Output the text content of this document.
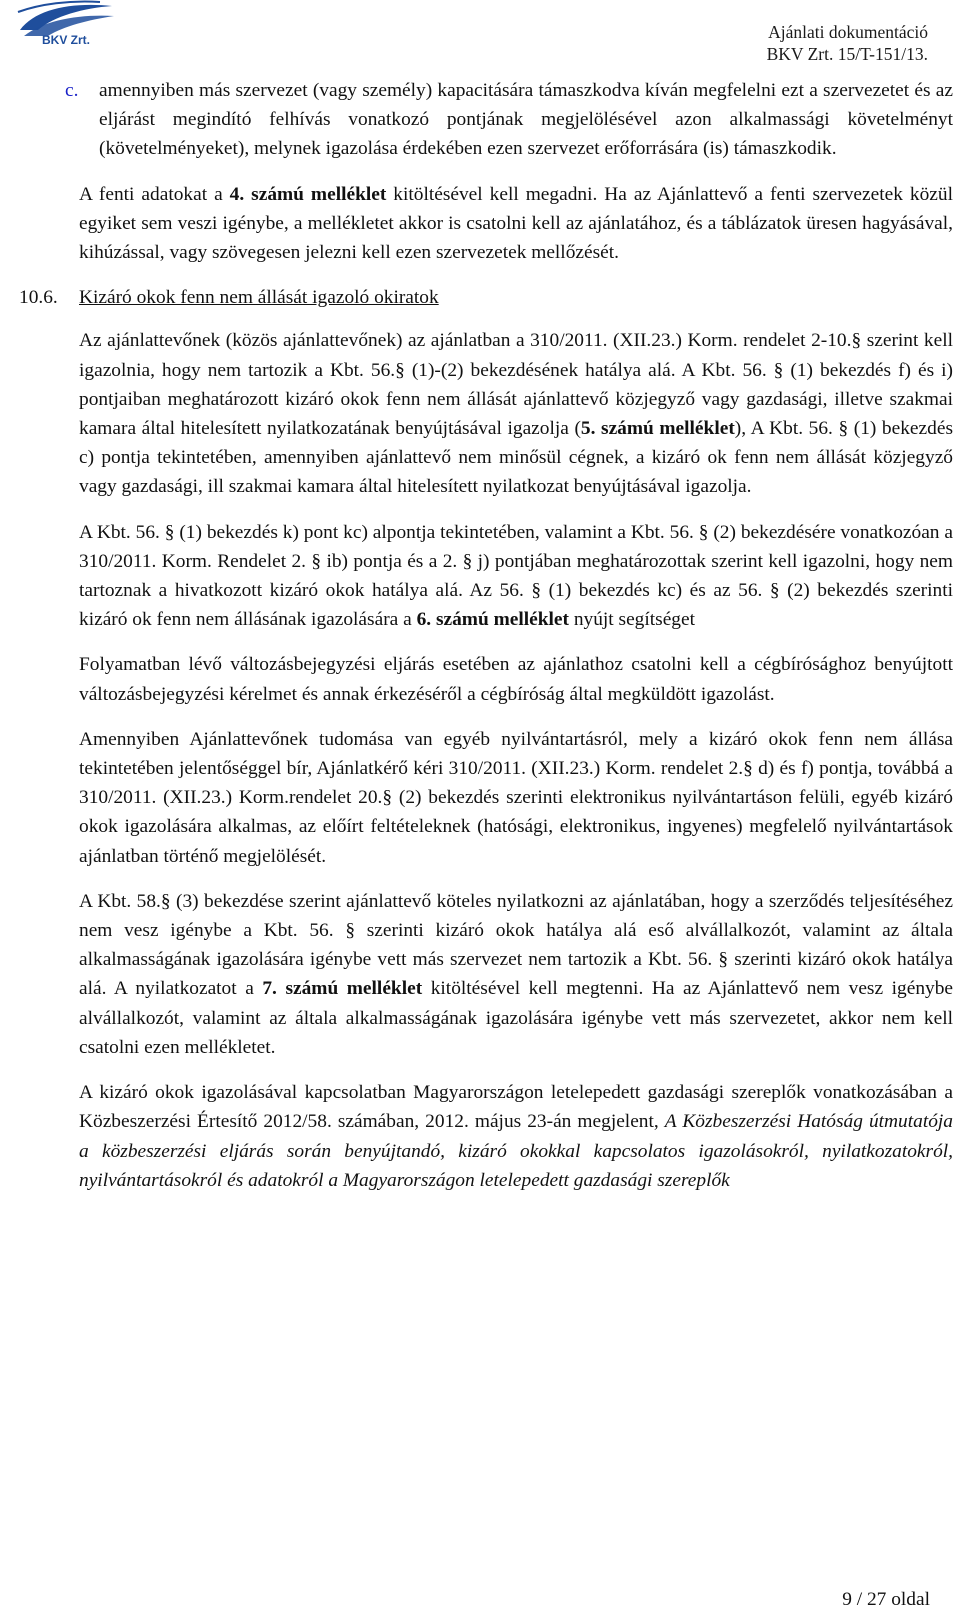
BKV Zrt.	Ajánlati dokumentáció
BKV Zrt. 15/T-151/13.

c. amennyiben más szervezet (vagy személy) kapacitására támaszkodva kíván megfelelni ezt a szervezetet és az eljárást megindító felhívás vonatkozó pontjának megjelölésével azon alkalmassági követelményt (követelményeket), melynek igazolása érdekében ezen szervezet erőforrására (is) támaszkodik.

A fenti adatokat a 4. számú melléklet kitöltésével kell megadni. Ha az Ajánlattevő a fenti szervezetek közül egyiket sem veszi igénybe, a mellékletet akkor is csatolni kell az ajánlatához, és a táblázatok üresen hagyásával, kihúzással, vagy szövegesen jelezni kell ezen szervezetek mellőzését.

10.6. Kizáró okok fenn nem állását igazoló okiratok

Az ajánlattevőnek (közös ajánlattevőnek) az ajánlatban a 310/2011. (XII.23.) Korm. rendelet 2-10.§ szerint kell igazolnia, hogy nem tartozik a Kbt. 56.§ (1)-(2) bekezdésének hatálya alá. A Kbt. 56. § (1) bekezdés f) és i) pontjaiban meghatározott kizáró okok fenn nem állását ajánlattevő közjegyző vagy gazdasági, illetve szakmai kamara által hitelesített nyilatkozatának benyújtásával igazolja (5. számú melléklet), A Kbt. 56. § (1) bekezdés c) pontja tekintetében, amennyiben ajánlattevő nem minősül cégnek, a kizáró ok fenn nem állását közjegyző vagy gazdasági, ill szakmai kamara által hitelesített nyilatkozat benyújtásával igazolja.

A Kbt. 56. § (1) bekezdés k) pont kc) alpontja tekintetében, valamint a Kbt. 56. § (2) bekezdésére vonatkozóan a 310/2011. Korm. Rendelet 2. § ib) pontja és a 2. § j) pontjában meghatározottak szerint kell igazolni, hogy nem tartoznak a hivatkozott kizáró okok hatálya alá. Az 56. § (1) bekezdés kc) és az 56. § (2) bekezdés szerinti kizáró ok fenn nem állásának igazolására a 6. számú melléklet nyújt segítséget

Folyamatban lévő változásbejegyzési eljárás esetében az ajánlathoz csatolni kell a cégbírósághoz benyújtott változásbejegyzési kérelmet és annak érkezéséről a cégbíróság által megküldött igazolást.

Amennyiben Ajánlattevőnek tudomása van egyéb nyilvántartásról, mely a kizáró okok fenn nem állása tekintetében jelentőséggel bír, Ajánlatkérő kéri 310/2011. (XII.23.) Korm. rendelet 2.§ d) és f) pontja, továbbá a 310/2011. (XII.23.) Korm.rendelet 20.§ (2) bekezdés szerinti elektronikus nyilvántartáson felüli, egyéb kizáró okok igazolására alkalmas, az előírt feltételeknek (hatósági, elektronikus, ingyenes) megfelelő nyilvántartások ajánlatban történő megjelölését.

A Kbt. 58.§ (3) bekezdése szerint ajánlattevő köteles nyilatkozni az ajánlatában, hogy a szerződés teljesítéséhez nem vesz igénybe a Kbt. 56. § szerinti kizáró okok hatálya alá eső alvállalkozót, valamint az általa alkalmasságának igazolására igénybe vett más szervezet nem tartozik a Kbt. 56. § szerinti kizáró okok hatálya alá. A nyilatkozatot a 7. számú melléklet kitöltésével kell megtenni. Ha az Ajánlattevő nem vesz igénybe alvállalkozót, valamint az általa alkalmasságának igazolására igénybe vett más szervezetet, akkor nem kell csatolni ezen mellékletet.

A kizáró okok igazolásával kapcsolatban Magyarországon letelepedett gazdasági szereplők vonatkozásában a Közbeszerzési Értesítő 2012/58. számában, 2012. május 23-án megjelent, A Közbeszerzési Hatóság útmutatója a közbeszerzési eljárás során benyújtandó, kizáró okokkal kapcsolatos igazolásokról, nyilatkozatokról, nyilvántartásokról és adatokról a Magyarországon letelepedett gazdasági szereplők

9 / 27 oldal
